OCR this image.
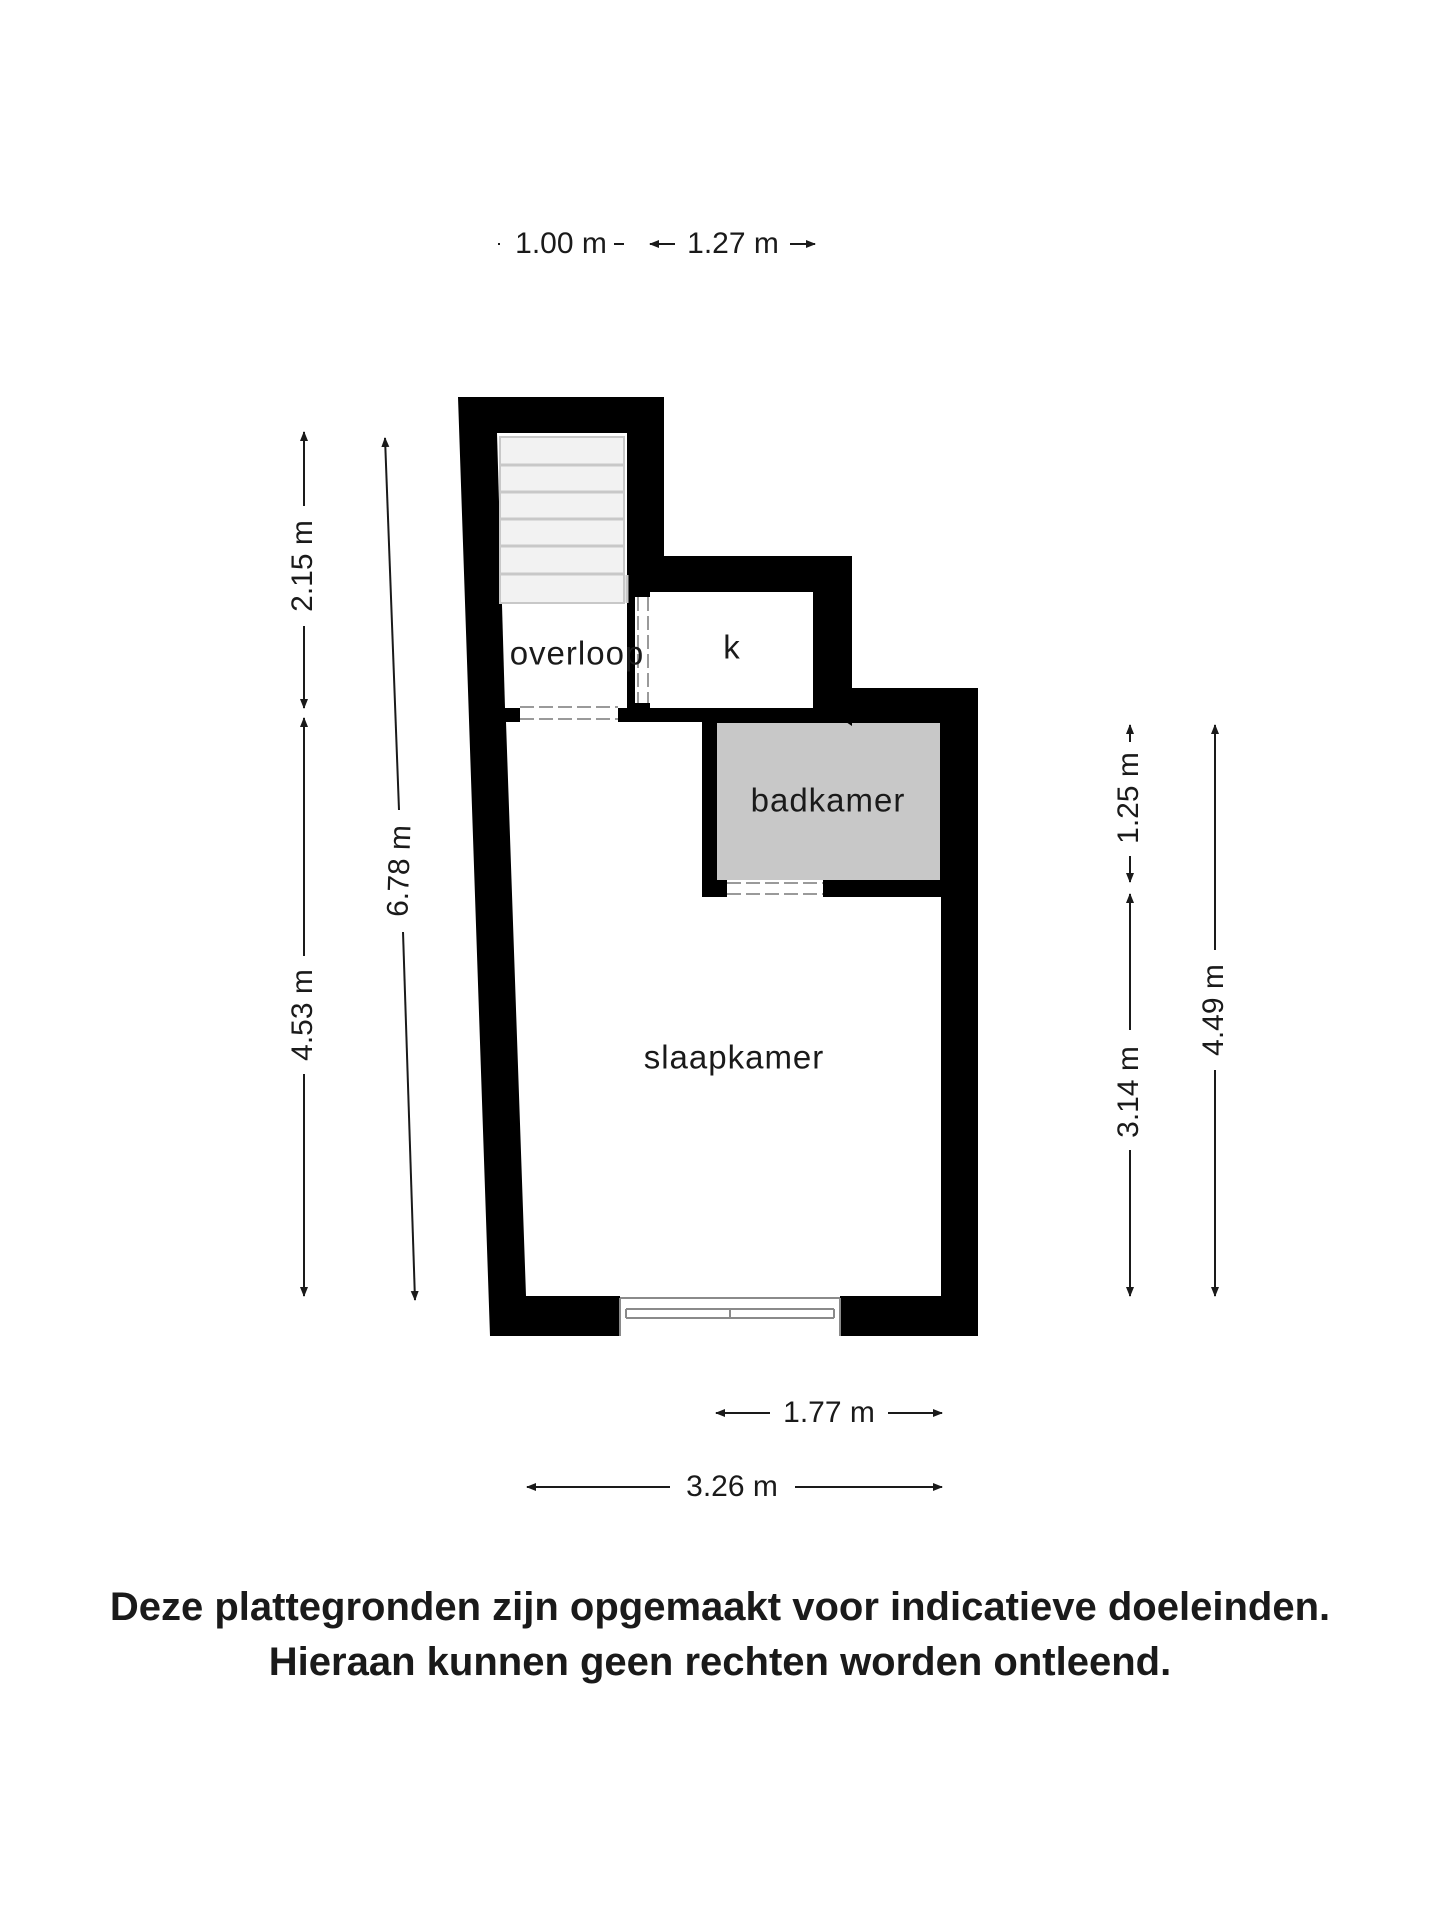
overloop k
badkamer
slaapkamer
1.00 m	1.27 m
2.15 m
4.53 m
6.78 m
1.25 m
3.14 m
4.49 m
1.77 m
3.26 m
Deze plattegronden zijn opgemaakt voor indicatieve doeleinden.
Hieraan kunnen geen rechten worden ontleend.
